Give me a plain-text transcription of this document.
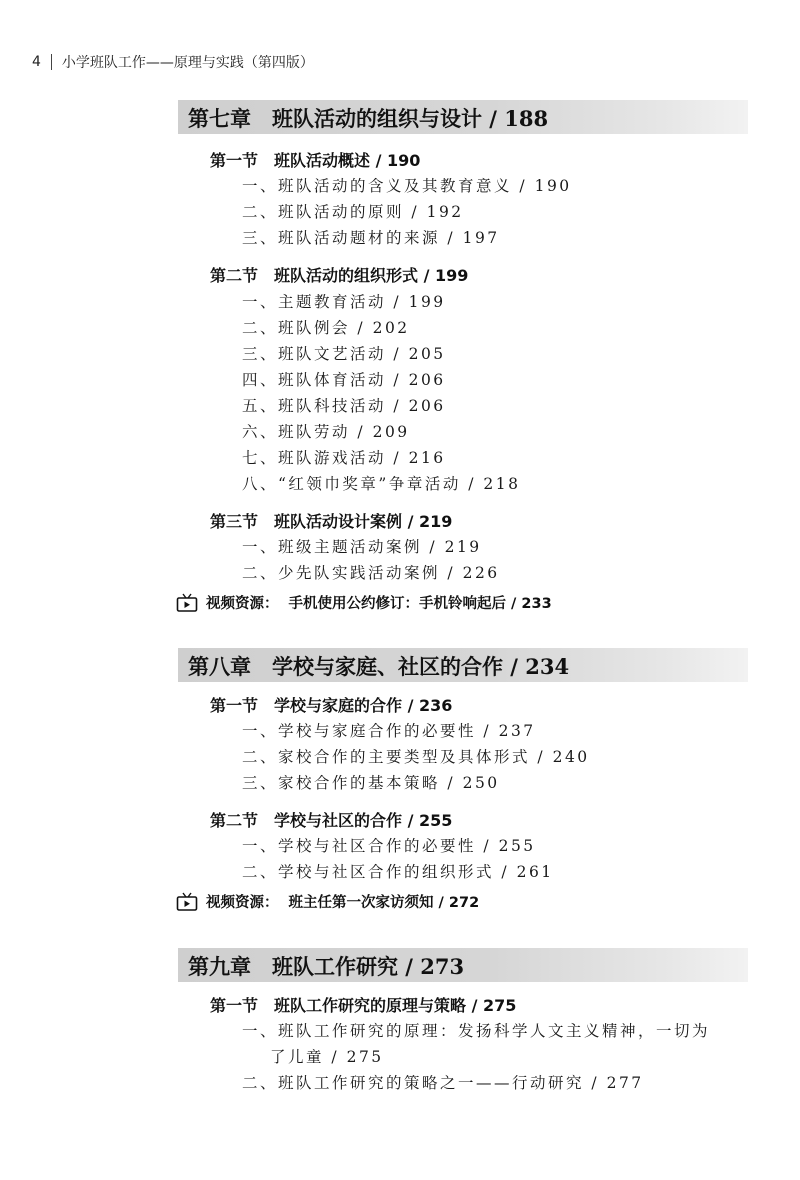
4 小学班队工作——原理与实践（第四版）
第七章　班队活动的组织与设计 / 188
第一节　班队活动概述 / 190
一、班队活动的含义及其教育意义 / 190
二、班队活动的原则 / 192
三、班队活动题材的来源 / 197
第二节　班队活动的组织形式 / 199
一、主题教育活动 / 199
二、班队例会 / 202
三、班队文艺活动 / 205
四、班队体育活动 / 206
五、班队科技活动 / 206
六、班队劳动 / 209
七、班队游戏活动 / 216
八、“红领巾奖章”争章活动 / 218
第三节　班队活动设计案例 / 219
一、班级主题活动案例 / 219
二、少先队实践活动案例 / 226
视频资源： 手机使用公约修订：手机铃响起后 / 233
第八章　学校与家庭、社区的合作 / 234
第一节　学校与家庭的合作 / 236
一、学校与家庭合作的必要性 / 237
二、家校合作的主要类型及具体形式 / 240
三、家校合作的基本策略 / 250
第二节　学校与社区的合作 / 255
一、学校与社区合作的必要性 / 255
二、学校与社区合作的组织形式 / 261
视频资源： 班主任第一次家访须知 / 272
第九章　班队工作研究 / 273
第一节　班队工作研究的原理与策略 / 275
一、班队工作研究的原理：发扬科学人文主义精神，一切为
了儿童 / 275
二、班队工作研究的策略之一——行动研究 / 277
